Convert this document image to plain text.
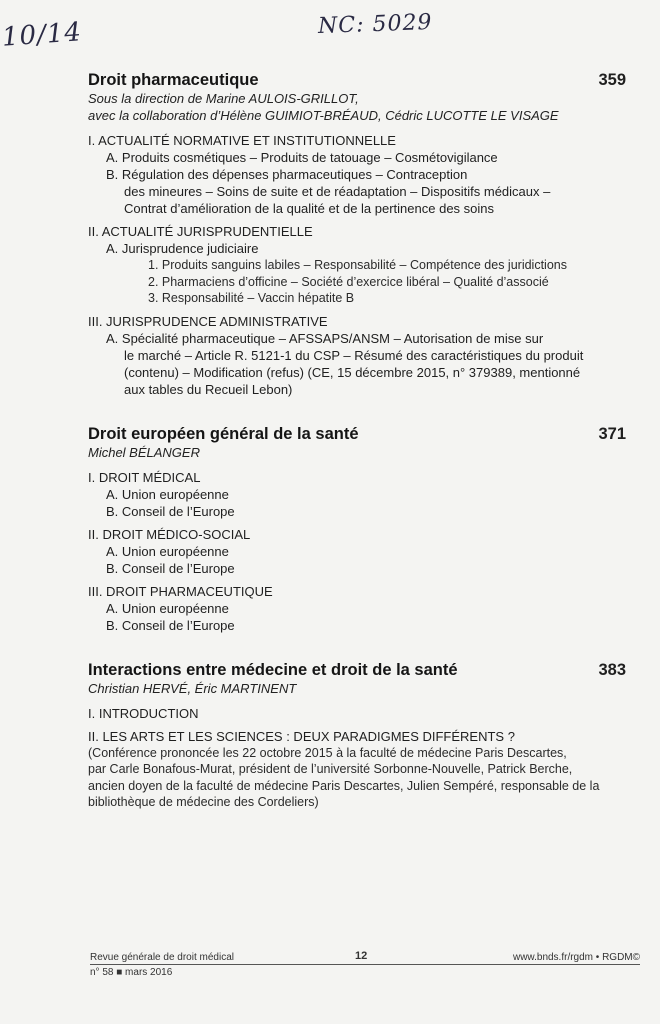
10/14	NC: 5029
Droit pharmaceutique	359
Sous la direction de Marine AULOIS-GRILLOT,
avec la collaboration d’Hélène GUIMIOT-BRÉAUD, Cédric LUCOTTE LE VISAGE
I. ACTUALITÉ NORMATIVE ET INSTITUTIONNELLE
A. Produits cosmétiques – Produits de tatouage – Cosmétovigilance
B. Régulation des dépenses pharmaceutiques – Contraception
des mineures – Soins de suite et de réadaptation – Dispositifs médicaux –
Contrat d’amélioration de la qualité et de la pertinence des soins
II. ACTUALITÉ JURISPRUDENTIELLE
A. Jurisprudence judiciaire
1. Produits sanguins labiles – Responsabilité – Compétence des juridictions
2. Pharmaciens d’officine – Société d’exercice libéral – Qualité d’associé
3. Responsabilité – Vaccin hépatite B
III. JURISPRUDENCE ADMINISTRATIVE
A. Spécialité pharmaceutique – AFSSAPS/ANSM – Autorisation de mise sur
le marché – Article R. 5121-1 du CSP – Résumé des caractéristiques du produit
(contenu) – Modification (refus) (CE, 15 décembre 2015, n° 379389, mentionné
aux tables du Recueil Lebon)
Droit européen général de la santé	371
Michel BÉLANGER
I. DROIT MÉDICAL
A. Union européenne
B. Conseil de l’Europe
II. DROIT MÉDICO-SOCIAL
A. Union européenne
B. Conseil de l’Europe
III. DROIT PHARMACEUTIQUE
A. Union européenne
B. Conseil de l’Europe
Interactions entre médecine et droit de la santé	383
Christian HERVÉ, Éric MARTINENT
I. INTRODUCTION
II. LES ARTS ET LES SCIENCES : DEUX PARADIGMES DIFFÉRENTS ?
(Conférence prononcée les 22 octobre 2015 à la faculté de médecine Paris Descartes,
par Carle Bonafous-Murat, président de l’université Sorbonne-Nouvelle, Patrick Berche,
ancien doyen de la faculté de médecine Paris Descartes, Julien Sempéré, responsable de la
bibliothèque de médecine des Cordeliers)
Revue générale de droit médical
n° 58 ■ mars 2016
12	www.bnds.fr/rgdm • RGDM©
